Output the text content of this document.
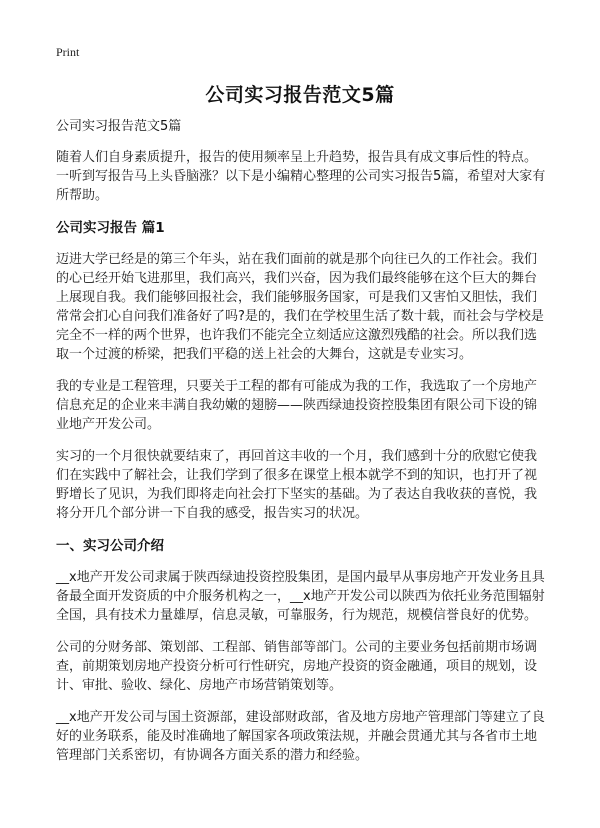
Print
公司实习报告范文5篇

公司实习报告范文5篇

随着人们自身素质提升，报告的使用频率呈上升趋势，报告具有成文事后性的特点。一听到写报告马上头昏脑涨？以下是小编精心整理的公司实习报告5篇，希望对大家有所帮助。

公司实习报告 篇1

迈进大学已经是的第三个年头，站在我们面前的就是那个向往已久的工作社会。我们的心已经开始飞进那里，我们高兴，我们兴奋，因为我们最终能够在这个巨大的舞台上展现自我。我们能够回报社会，我们能够服务国家，可是我们又害怕又胆怯，我们常常会扪心自问我们准备好了吗?是的，我们在学校里生活了数十载，而社会与学校是完全不一样的两个世界，也许我们不能完全立刻适应这激烈残酷的社会。所以我们选取一个过渡的桥梁，把我们平稳的送上社会的大舞台，这就是专业实习。

我的专业是工程管理，只要关于工程的都有可能成为我的工作，我选取了一个房地产信息充足的企业来丰满自我幼嫩的翅膀——陕西绿迪投资控股集团有限公司下设的锦业地产开发公司。

实习的一个月很快就要结束了，再回首这丰收的一个月，我们感到十分的欣慰它使我们在实践中了解社会，让我们学到了很多在课堂上根本就学不到的知识，也打开了视野增长了见识，为我们即将走向社会打下坚实的基础。为了表达自我收获的喜悦，我将分开几个部分讲一下自我的感受，报告实习的状况。

一、实习公司介绍

__x地产开发公司隶属于陕西绿迪投资控股集团，是国内最早从事房地产开发业务且具备最全面开发资质的中介服务机构之一，__x地产开发公司以陕西为依托业务范围辐射全国，具有技术力量雄厚，信息灵敏，可靠服务，行为规范，规模信誉良好的优势。

公司的分财务部、策划部、工程部、销售部等部门。公司的主要业务包括前期市场调查，前期策划房地产投资分析可行性研究，房地产投资的资金融通，项目的规划，设计、审批、验收、绿化、房地产市场营销策划等。

__x地产开发公司与国土资源部，建设部财政部，省及地方房地产管理部门等建立了良好的业务联系，能及时准确地了解国家各项政策法规，并融会贯通尤其与各省市土地管理部门关系密切，有协调各方面关系的潜力和经验。
